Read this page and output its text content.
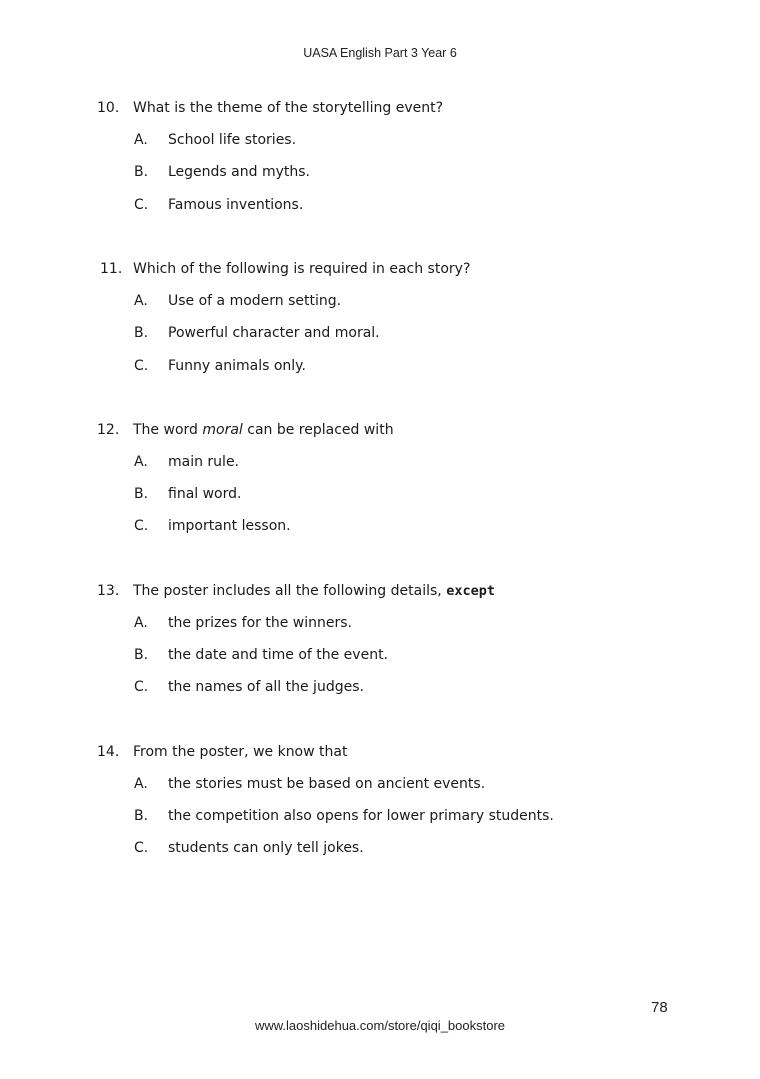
UASA English Part 3 Year 6
10. What is the theme of the storytelling event?
A. School life stories.
B. Legends and myths.
C. Famous inventions.
11. Which of the following is required in each story?
A. Use of a modern setting.
B. Powerful character and moral.
C. Funny animals only.
12. The word moral can be replaced with
A. main rule.
B. final word.
C. important lesson.
13. The poster includes all the following details, except
A. the prizes for the winners.
B. the date and time of the event.
C. the names of all the judges.
14. From the poster, we know that
A. the stories must be based on ancient events.
B. the competition also opens for lower primary students.
C. students can only tell jokes.
78
www.laoshidehua.com/store/qiqi_bookstore
